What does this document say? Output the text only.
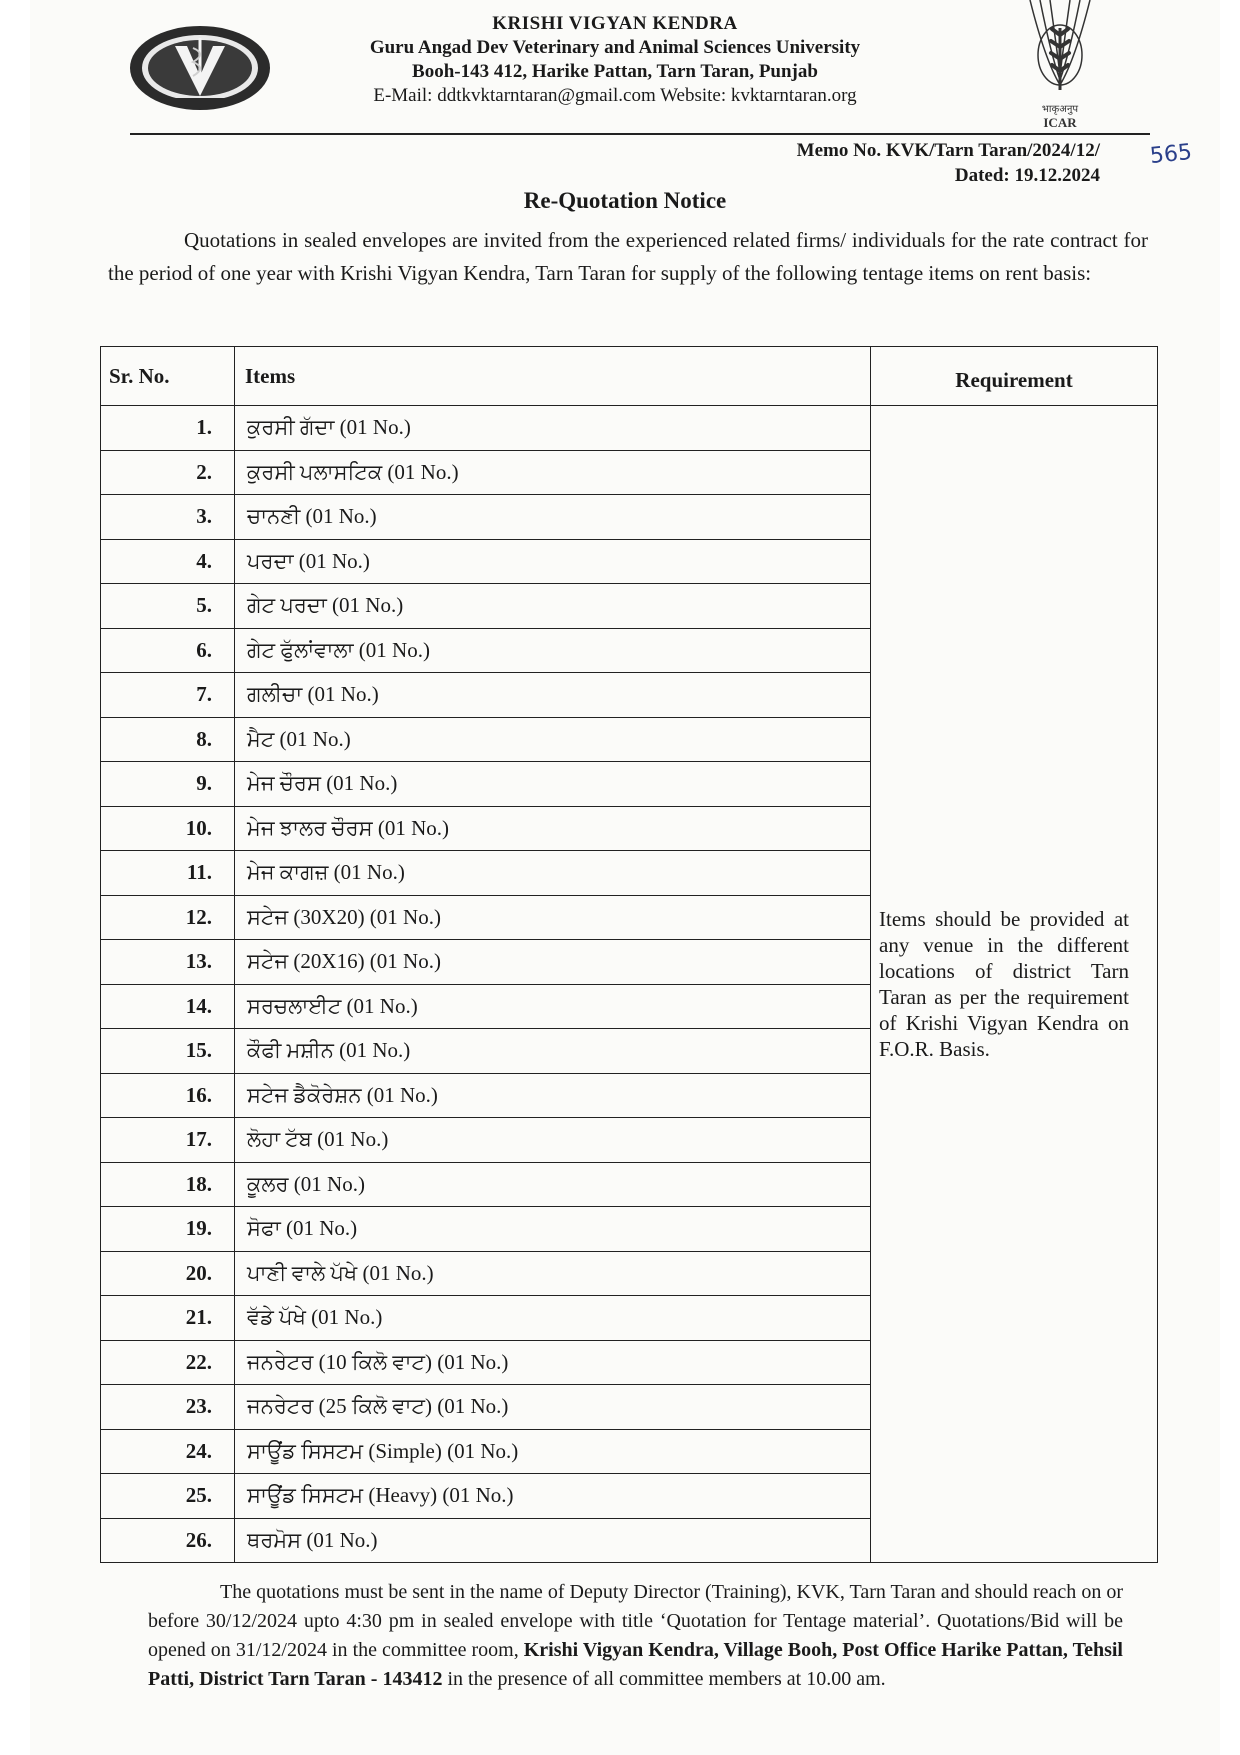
KRISHI VIGYAN KENDRA
Guru Angad Dev Veterinary and Animal Sciences University
Booh-143 412, Harike Pattan, Tarn Taran, Punjab
E-Mail: ddtkvktarntaran@gmail.com Website: kvktarntaran.org
भाकृअनुप
ICAR
Memo No. KVK/Tarn Taran/2024/12/
Dated: 19.12.2024
565
Re-Quotation Notice
Quotations in sealed envelopes are invited from the experienced related firms/ individuals for the rate contract for the period of one year with Krishi Vigyan Kendra, Tarn Taran for supply of the following tentage items on rent basis:
Sr. No.	Items	Requirement
1.	ਕੁਰਸੀ ਗੱਦਾ (01 No.)	Items should be provided at any venue in the different locations of district Tarn Taran as per the requirement of Krishi Vigyan Kendra on F.O.R. Basis.

2.	ਕੁਰਸੀ ਪਲਾਸਟਿਕ (01 No.)	
3.	ਚਾਨਣੀ (01 No.)	
4.	ਪਰਦਾ (01 No.)	
5.	ਗੇਟ ਪਰਦਾ (01 No.)	
6.	ਗੇਟ ਫੁੱਲਾਂਵਾਲਾ (01 No.)	
7.	ਗਲੀਚਾ (01 No.)	
8.	ਮੈਟ (01 No.)	
9.	ਮੇਜ ਚੌਰਸ (01 No.)	
10.	ਮੇਜ ਝਾਲਰ ਚੌਰਸ (01 No.)	
11.	ਮੇਜ ਕਾਗਜ਼ (01 No.)	
12.	ਸਟੇਜ (30X20) (01 No.)	
13.	ਸਟੇਜ (20X16) (01 No.)	
14.	ਸਰਚਲਾਈਟ (01 No.)	
15.	ਕੌਫੀ ਮਸ਼ੀਨ (01 No.)	
16.	ਸਟੇਜ ਡੈਕੋਰੇਸ਼ਨ (01 No.)	
17.	ਲੋਹਾ ਟੱਬ (01 No.)	
18.	ਕੂਲਰ (01 No.)	
19.	ਸੋਫਾ (01 No.)	
20.	ਪਾਣੀ ਵਾਲੇ ਪੱਖੇ (01 No.)	
21.	ਵੱਡੇ ਪੱਖੇ (01 No.)	
22.	ਜਨਰੇਟਰ (10 ਕਿਲੋ ਵਾਟ) (01 No.)	
23.	ਜਨਰੇਟਰ (25 ਕਿਲੋ ਵਾਟ) (01 No.)	
24.	ਸਾਊਂਡ ਸਿਸਟਮ (Simple) (01 No.)	
25.	ਸਾਊਂਡ ਸਿਸਟਮ (Heavy) (01 No.)	
26.	ਥਰਮੋਸ (01 No.)	
The quotations must be sent in the name of Deputy Director (Training), KVK, Tarn Taran and should reach on or before 30/12/2024 upto 4:30 pm in sealed envelope with title ‘Quotation for Tentage material’. Quotations/Bid will be opened on 31/12/2024 in the committee room, Krishi Vigyan Kendra, Village Booh, Post Office Harike Pattan, Tehsil Patti, District Tarn Taran - 143412 in the presence of all committee members at 10.00 am.
